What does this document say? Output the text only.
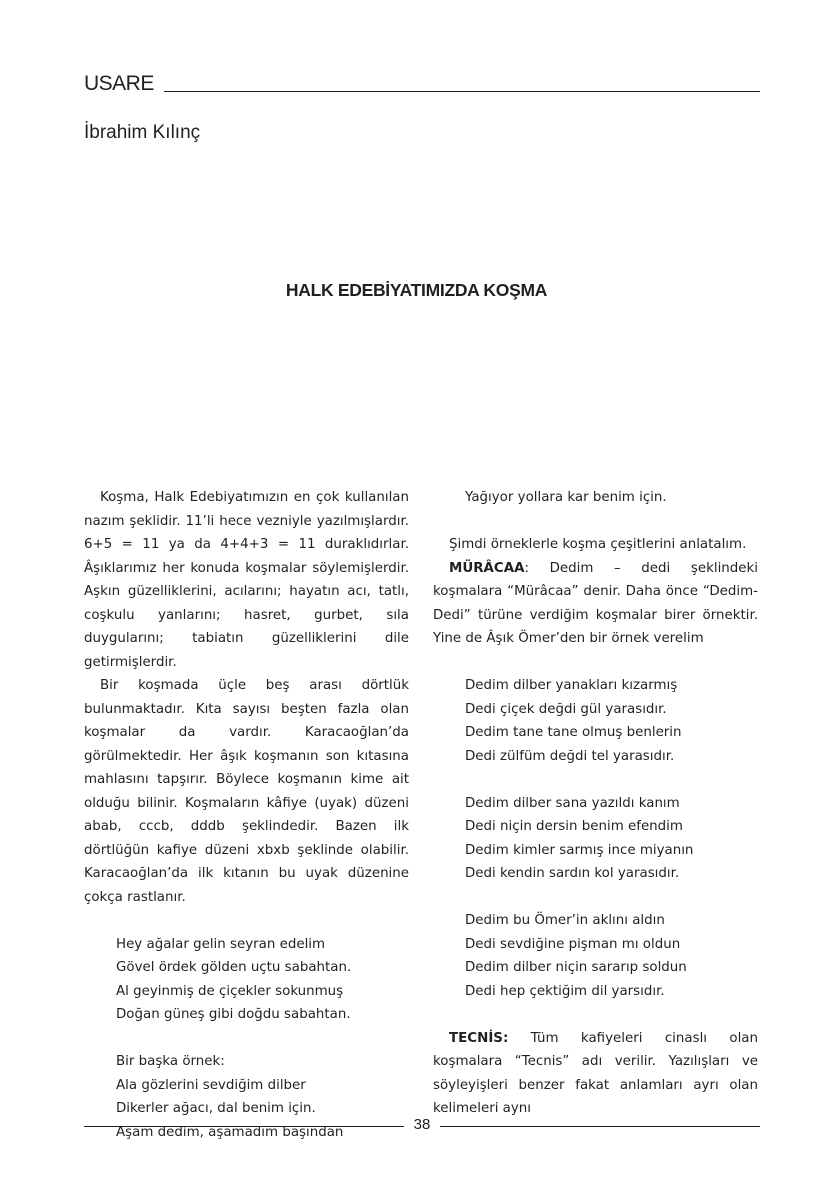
USARE
İbrahim Kılınç
HALK EDEBİYATIMIZDA KOŞMA

Koşma, Halk Edebiyatımızın en çok kullanılan nazım şeklidir. 11’li hece vezniyle yazılmışlardır. 6+5 = 11 ya da 4+4+3 = 11 duraklıdırlar. Âşıklarımız her konuda koşmalar söylemişlerdir. Aşkın güzelliklerini, acılarını; hayatın acı, tatlı, coşkulu yanlarını; hasret, gurbet, sıla duygularını; tabiatın güzelliklerini dile getirmişlerdir.

Bir koşmada üçle beş arası dörtlük bulunmaktadır. Kıta sayısı beşten fazla olan koşmalar da vardır. Karacaoğlan’da görülmektedir. Her âşık koşmanın son kıtasına mahlasını tapşırır. Böylece koşmanın kime ait olduğu bilinir. Koşmaların kâfiye (uyak) düzeni abab, cccb, dddb şeklindedir. Bazen ilk dörtlüğün kafiye düzeni xbxb şeklinde olabilir. Karacaoğlan’da ilk kıtanın bu uyak düzenine çokça rastlanır.

Hey ağalar gelin seyran edelim
Gövel ördek gölden uçtu sabahtan.
Al geyinmiş de çiçekler sokunmuş
Doğan güneş gibi doğdu sabahtan.
Bir başka örnek:
Ala gözlerini sevdiğim dilber
Dikerler ağacı, dal benim için.
Aşam dedim, aşamadım başından
Yağıyor yollara kar benim için.

Şimdi örneklerle koşma çeşitlerini anlatalım.

MÜRÂCAA: Dedim – dedi şeklindeki koşmalara “Mürâcaa” denir. Daha önce “Dedim-Dedi” türüne verdiğim koşmalar birer örnektir. Yine de Âşık Ömer’den bir örnek verelim

Dedim dilber yanakları kızarmış
Dedi çiçek değdi gül yarasıdır.
Dedim tane tane olmuş benlerin
Dedi zülfüm değdi tel yarasıdır.
Dedim dilber sana yazıldı kanım
Dedi niçin dersin benim efendim
Dedim kimler sarmış ince miyanın
Dedi kendin sardın kol yarasıdır.
Dedim bu Ömer’in aklını aldın
Dedi sevdiğine pişman mı oldun
Dedim dilber niçin sararıp soldun
Dedi hep çektiğim dil yarsıdır.

TECNİS: Tüm kafiyeleri cinaslı olan koşmalara “Tecnis” adı verilir. Yazılışları ve söyleyişleri benzer fakat anlamları ayrı olan kelimeleri aynı

38
